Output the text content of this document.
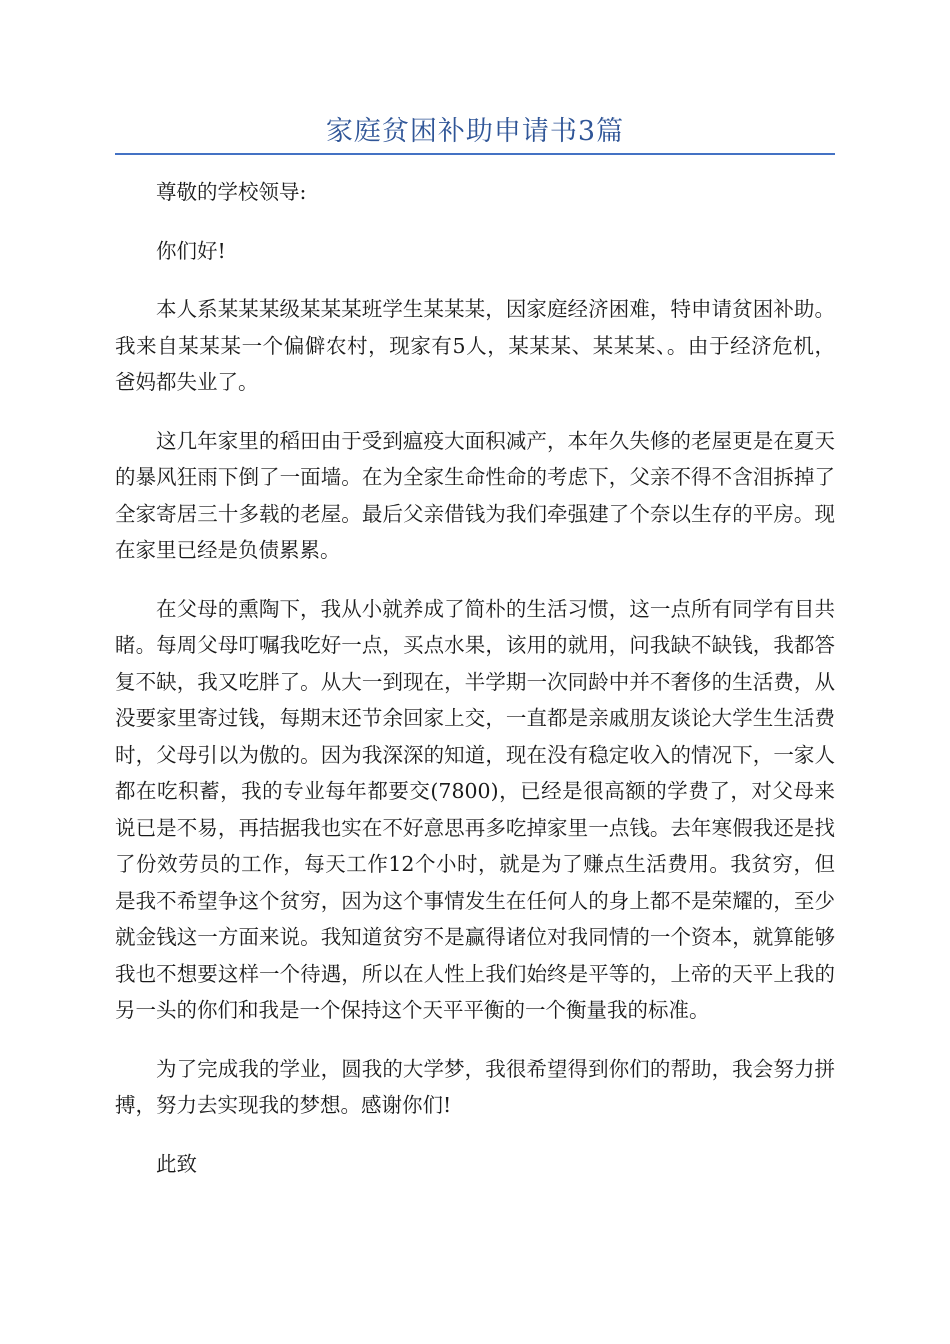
家庭贫困补助申请书3篇

尊敬的学校领导:

你们好!

本人系某某某级某某某班学生某某某，因家庭经济困难，特申请贫困补助。我来自某某某一个偏僻农村，现家有5人，某某某、某某某、。由于经济危机，爸妈都失业了。

这几年家里的稻田由于受到瘟疫大面积减产，本年久失修的老屋更是在夏天的暴风狂雨下倒了一面墙。在为全家生命性命的考虑下，父亲不得不含泪拆掉了全家寄居三十多载的老屋。最后父亲借钱为我们牵强建了个奈以生存的平房。现在家里已经是负债累累。

在父母的熏陶下，我从小就养成了简朴的生活习惯，这一点所有同学有目共睹。每周父母叮嘱我吃好一点，买点水果，该用的就用，问我缺不缺钱，我都答复不缺，我又吃胖了。从大一到现在，半学期一次同龄中并不奢侈的生活费，从没要家里寄过钱，每期末还节余回家上交，一直都是亲戚朋友谈论大学生生活费时，父母引以为傲的。因为我深深的知道，现在没有稳定收入的情况下，一家人都在吃积蓄，我的专业每年都要交(7800)，已经是很高额的学费了，对父母来说已是不易，再拮据我也实在不好意思再多吃掉家里一点钱。去年寒假我还是找了份效劳员的工作，每天工作12个小时，就是为了赚点生活费用。我贫穷，但是我不希望争这个贫穷，因为这个事情发生在任何人的身上都不是荣耀的，至少就金钱这一方面来说。我知道贫穷不是赢得诸位对我同情的一个资本，就算能够我也不想要这样一个待遇，所以在人性上我们始终是平等的，上帝的天平上我的另一头的你们和我是一个保持这个天平平衡的一个衡量我的标准。

为了完成我的学业，圆我的大学梦，我很希望得到你们的帮助，我会努力拼搏，努力去实现我的梦想。感谢你们!

此致
